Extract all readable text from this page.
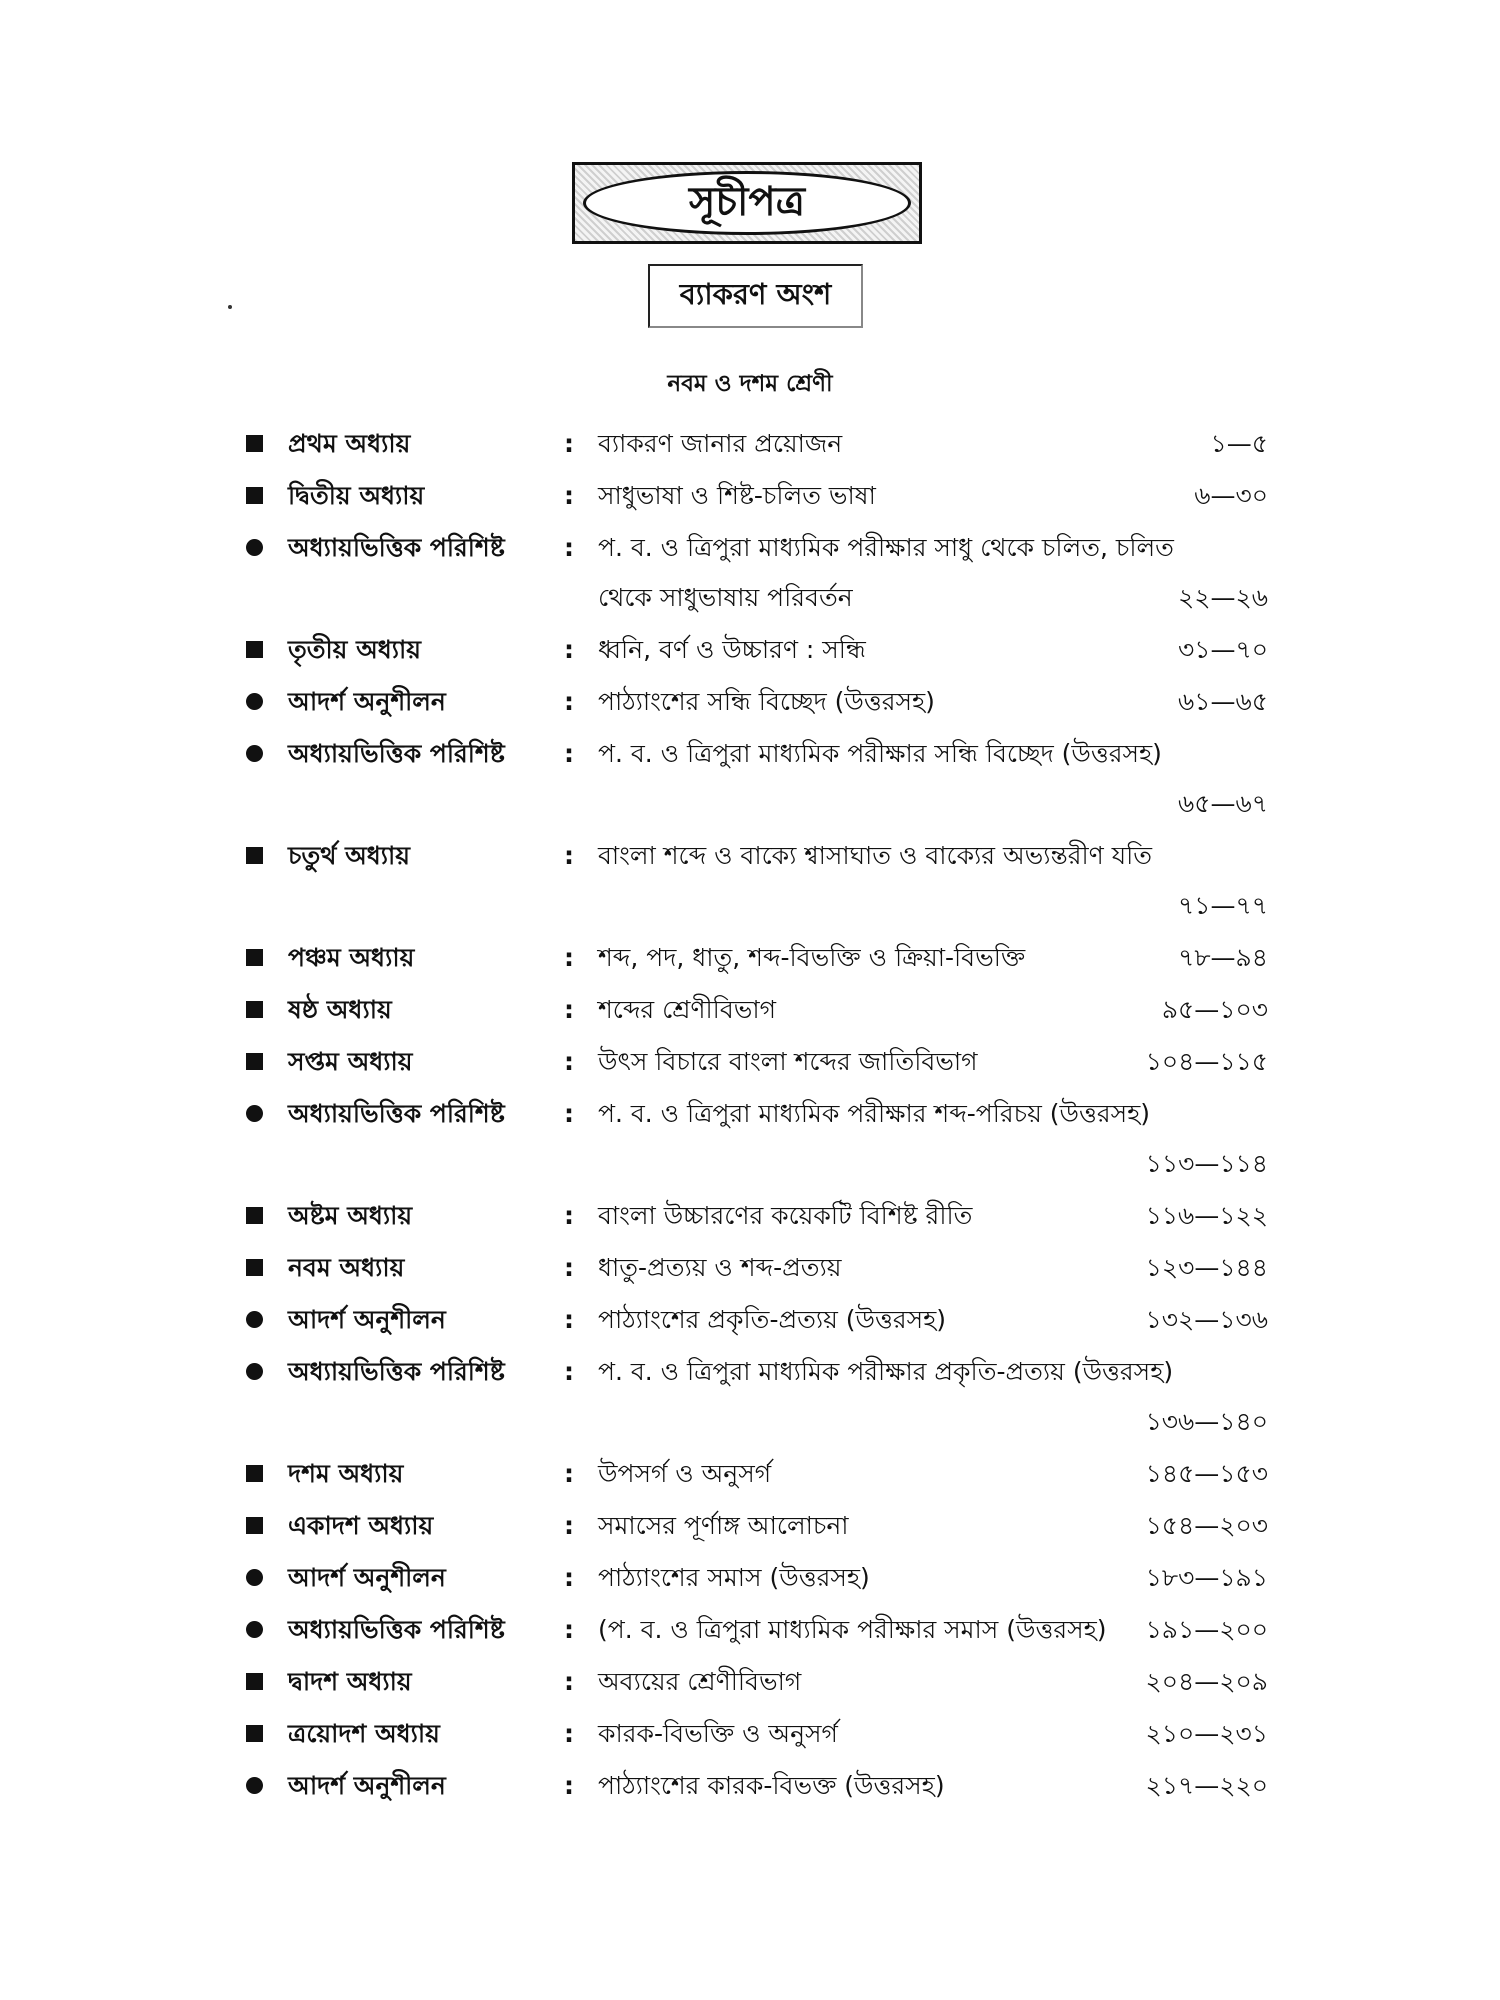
সূচীপত্র
ব্যাকরণ অংশ
নবম ও দশম শ্রেণী
প্রথম অধ্যায়	: ব্যাকরণ জানার প্রয়োজন	১—৫
দ্বিতীয় অধ্যায়	: সাধুভাষা ও শিষ্ট-চলিত ভাষা	৬—৩০
অধ্যায়ভিত্তিক পরিশিষ্ট : প. ব. ও ত্রিপুরা মাধ্যমিক পরীক্ষার সাধু থেকে চলিত, চলিত
থেকে সাধুভাষায় পরিবর্তন	২২—২৬
তৃতীয় অধ্যায়	: ধ্বনি, বর্ণ ও উচ্চারণ : সন্ধি	৩১—৭০
আদর্শ অনুশীলন	: পাঠ্যাংশের সন্ধি বিচ্ছেদ (উত্তরসহ)	৬১—৬৫
অধ্যায়ভিত্তিক পরিশিষ্ট : প. ব. ও ত্রিপুরা মাধ্যমিক পরীক্ষার সন্ধি বিচ্ছেদ (উত্তরসহ)
৬৫—৬৭
চতুর্থ অধ্যায়	: বাংলা শব্দে ও বাক্যে শ্বাসাঘাত ও বাক্যের অভ্যন্তরীণ যতি
৭১—৭৭
পঞ্চম অধ্যায়	: শব্দ, পদ, ধাতু, শব্দ-বিভক্তি ও ক্রিয়া-বিভক্তি	৭৮—৯৪
ষষ্ঠ অধ্যায়	: শব্দের শ্রেণীবিভাগ	৯৫—১০৩
সপ্তম অধ্যায়	: উৎস বিচারে বাংলা শব্দের জাতিবিভাগ	১০৪—১১৫
অধ্যায়ভিত্তিক পরিশিষ্ট : প. ব. ও ত্রিপুরা মাধ্যমিক পরীক্ষার শব্দ-পরিচয় (উত্তরসহ)
১১৩—১১৪
অষ্টম অধ্যায়	: বাংলা উচ্চারণের কয়েকটি বিশিষ্ট রীতি	১১৬—১২২
নবম অধ্যায়	: ধাতু-প্রত্যয় ও শব্দ-প্রত্যয়	১২৩—১৪৪
আদর্শ অনুশীলন	: পাঠ্যাংশের প্রকৃতি-প্রত্যয় (উত্তরসহ)	১৩২—১৩৬
অধ্যায়ভিত্তিক পরিশিষ্ট : প. ব. ও ত্রিপুরা মাধ্যমিক পরীক্ষার প্রকৃতি-প্রত্যয় (উত্তরসহ)
১৩৬—১৪০
দশম অধ্যায়	: উপসর্গ ও অনুসর্গ	১৪৫—১৫৩
একাদশ অধ্যায়	: সমাসের পূর্ণাঙ্গ আলোচনা	১৫৪—২০৩
আদর্শ অনুশীলন	: পাঠ্যাংশের সমাস (উত্তরসহ)	১৮৩—১৯১
অধ্যায়ভিত্তিক পরিশিষ্ট : (প. ব. ও ত্রিপুরা মাধ্যমিক পরীক্ষার সমাস (উত্তরসহ) ১৯১—২০০
দ্বাদশ অধ্যায়	: অব্যয়ের শ্রেণীবিভাগ	২০৪—২০৯
ত্রয়োদশ অধ্যায়	: কারক-বিভক্তি ও অনুসর্গ	২১০—২৩১
আদর্শ অনুশীলন	: পাঠ্যাংশের কারক-বিভক্ত (উত্তরসহ)	২১৭—২২০
